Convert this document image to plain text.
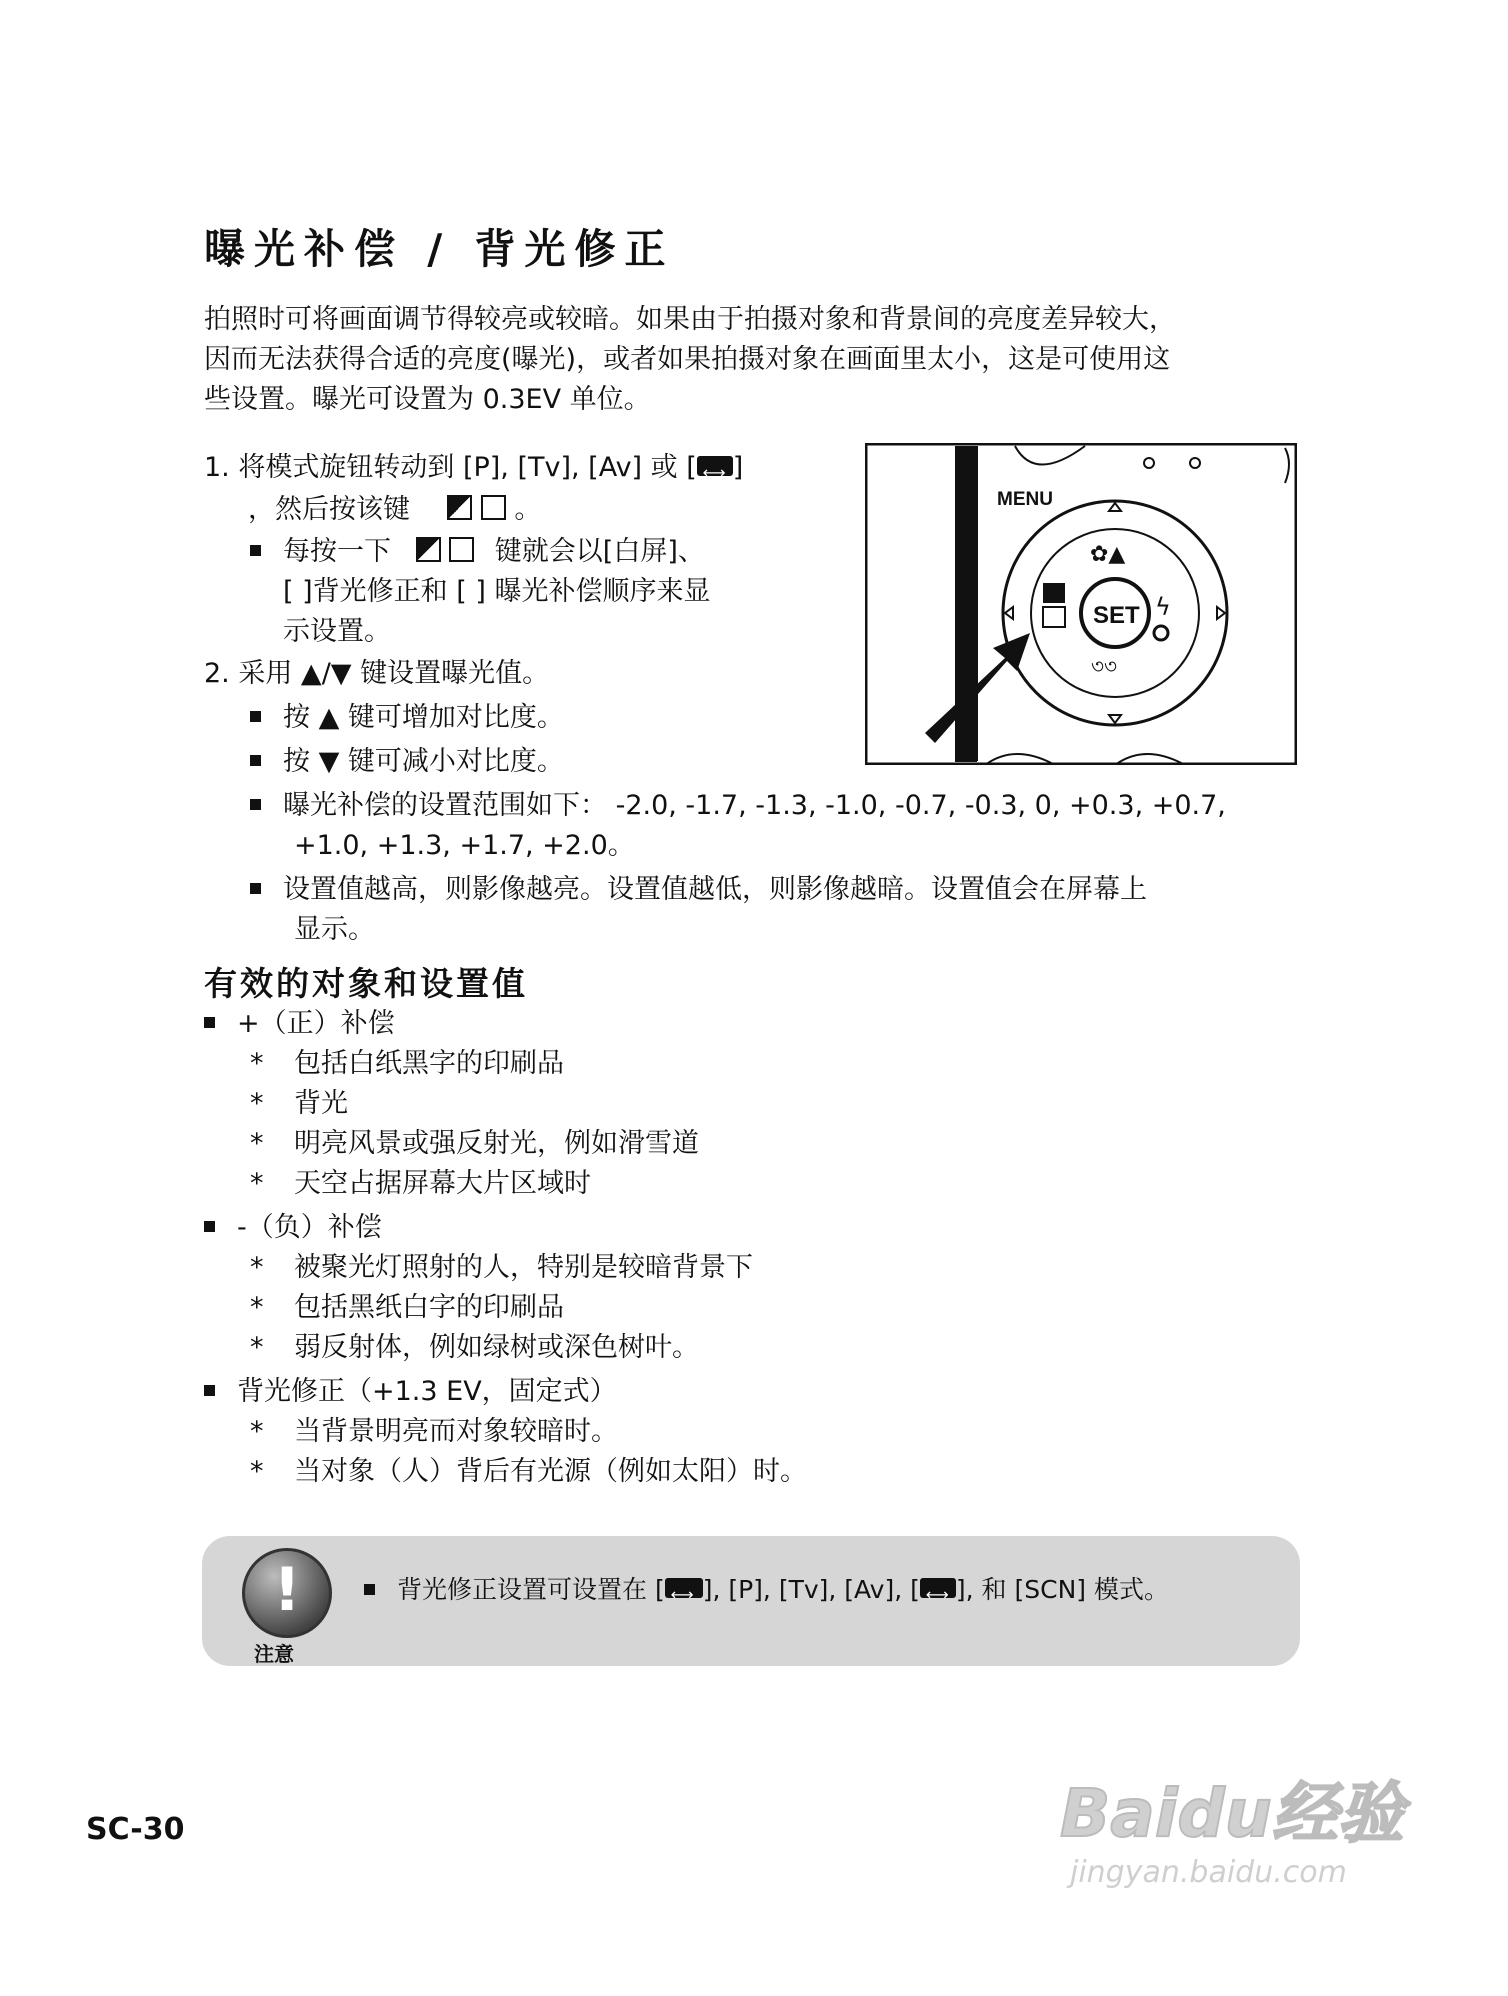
曝光补偿 / 背光修正

拍照时可将画面调节得较亮或较暗。如果由于拍摄对象和背景间的亮度差异较大，

因而无法获得合适的亮度(曝光)，或者如果拍摄对象在画面里太小，这是可使用这

些设置。曝光可设置为 0.3EV 单位。

1. 将模式旋钮转动到 [P], [Tv], [Av] 或 [ ⟷ ]
，然后按该键	。
每按一下	键就会以[白屏]、
[ ]背光修正和 [ ] 曝光补偿顺序来显
示设置。
2. 采用 ▲/▼ 键设置曝光值。
按 ▲ 键可增加对比度。
按 ▼ 键可减小对比度。
曝光补偿的设置范围如下： -2.0, -1.7, -1.3, -1.0, -0.7, -0.3, 0, +0.3, +0.7,
+1.0, +1.3, +1.7, +2.0。
设置值越高，则影像越亮。设置值越低，则影像越暗。设置值会在屏幕上
显示。
MENU
SET
✿▲
ϟ
৩৩
有效的对象和设置值
+（正）补偿
* 包括白纸黑字的印刷品
* 背光
* 明亮风景或强反射光，例如滑雪道
* 天空占据屏幕大片区域时
-（负）补偿
* 被聚光灯照射的人，特别是较暗背景下
* 包括黑纸白字的印刷品
* 弱反射体，例如绿树或深色树叶。
背光修正（+1.3 EV，固定式）
* 当背景明亮而对象较暗时。
* 当对象（人）背后有光源（例如太阳）时。
!
注意
背光修正设置可设置在 [ ⟷ ], [P], [Tv], [Av], [ ⟷ ], 和 [SCN] 模式。
SC-30	Baidu经验
jingyan.baidu.com
